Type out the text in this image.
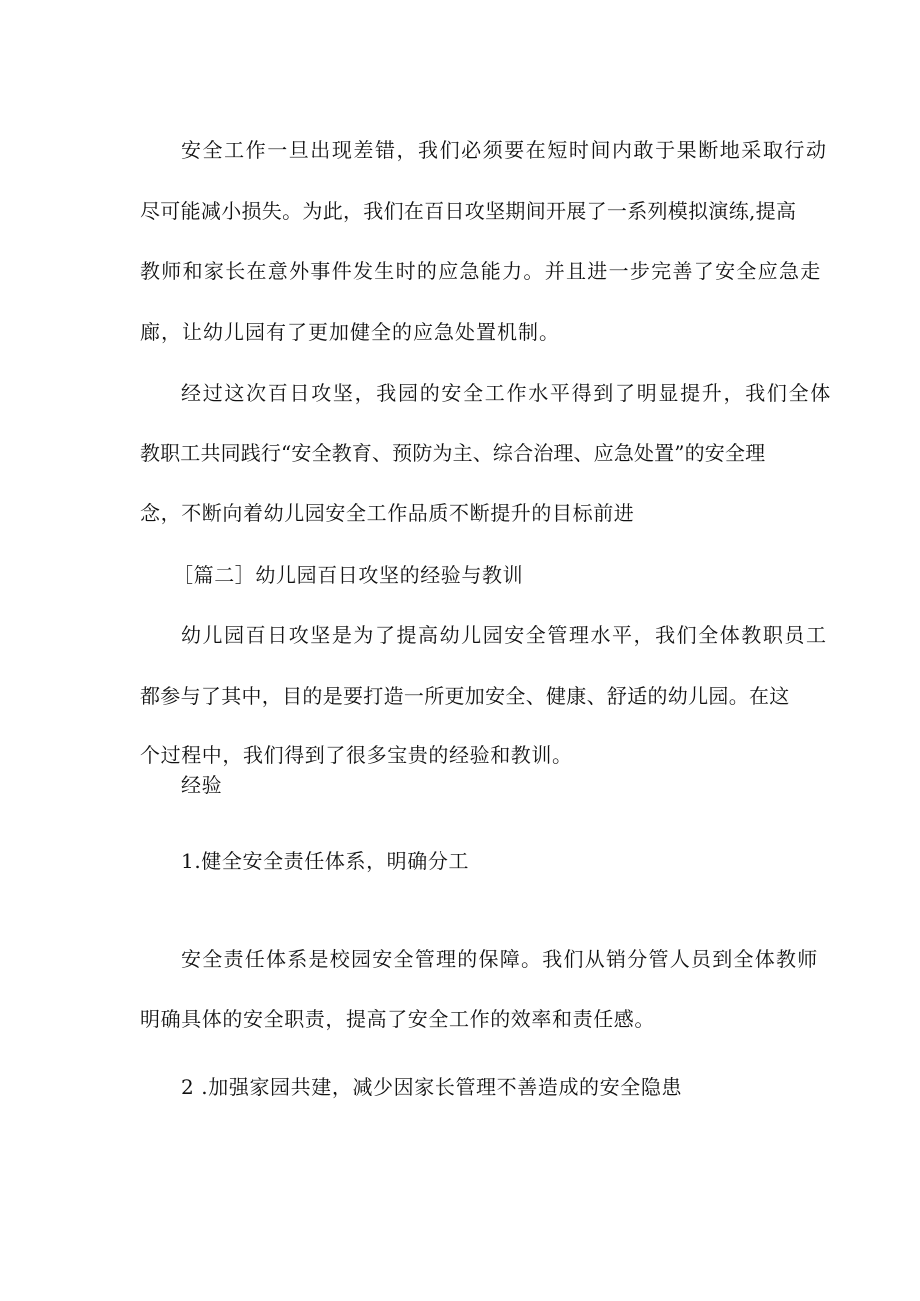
安全工作一旦出现差错，我们必须要在短时间内敢于果断地采取行动
尽可能减小损失。为此，我们在百日攻坚期间开展了一系列模拟演练,提高
教师和家长在意外事件发生时的应急能力。并且进一步完善了安全应急走
廊，让幼儿园有了更加健全的应急处置机制。
经过这次百日攻坚，我园的安全工作水平得到了明显提升，我们全体
教职工共同践行“安全教育、预防为主、综合治理、应急处置”的安全理
念，不断向着幼儿园安全工作品质不断提升的目标前进
［篇二］幼儿园百日攻坚的经验与教训
幼儿园百日攻坚是为了提高幼儿园安全管理水平，我们全体教职员工
都参与了其中，目的是要打造一所更加安全、健康、舒适的幼儿园。在这
个过程中，我们得到了很多宝贵的经验和教训。
经验
1.健全安全责任体系，明确分工
安全责任体系是校园安全管理的保障。我们从销分管人员到全体教师
明确具体的安全职责，提高了安全工作的效率和责任感。
2 .加强家园共建，减少因家长管理不善造成的安全隐患
